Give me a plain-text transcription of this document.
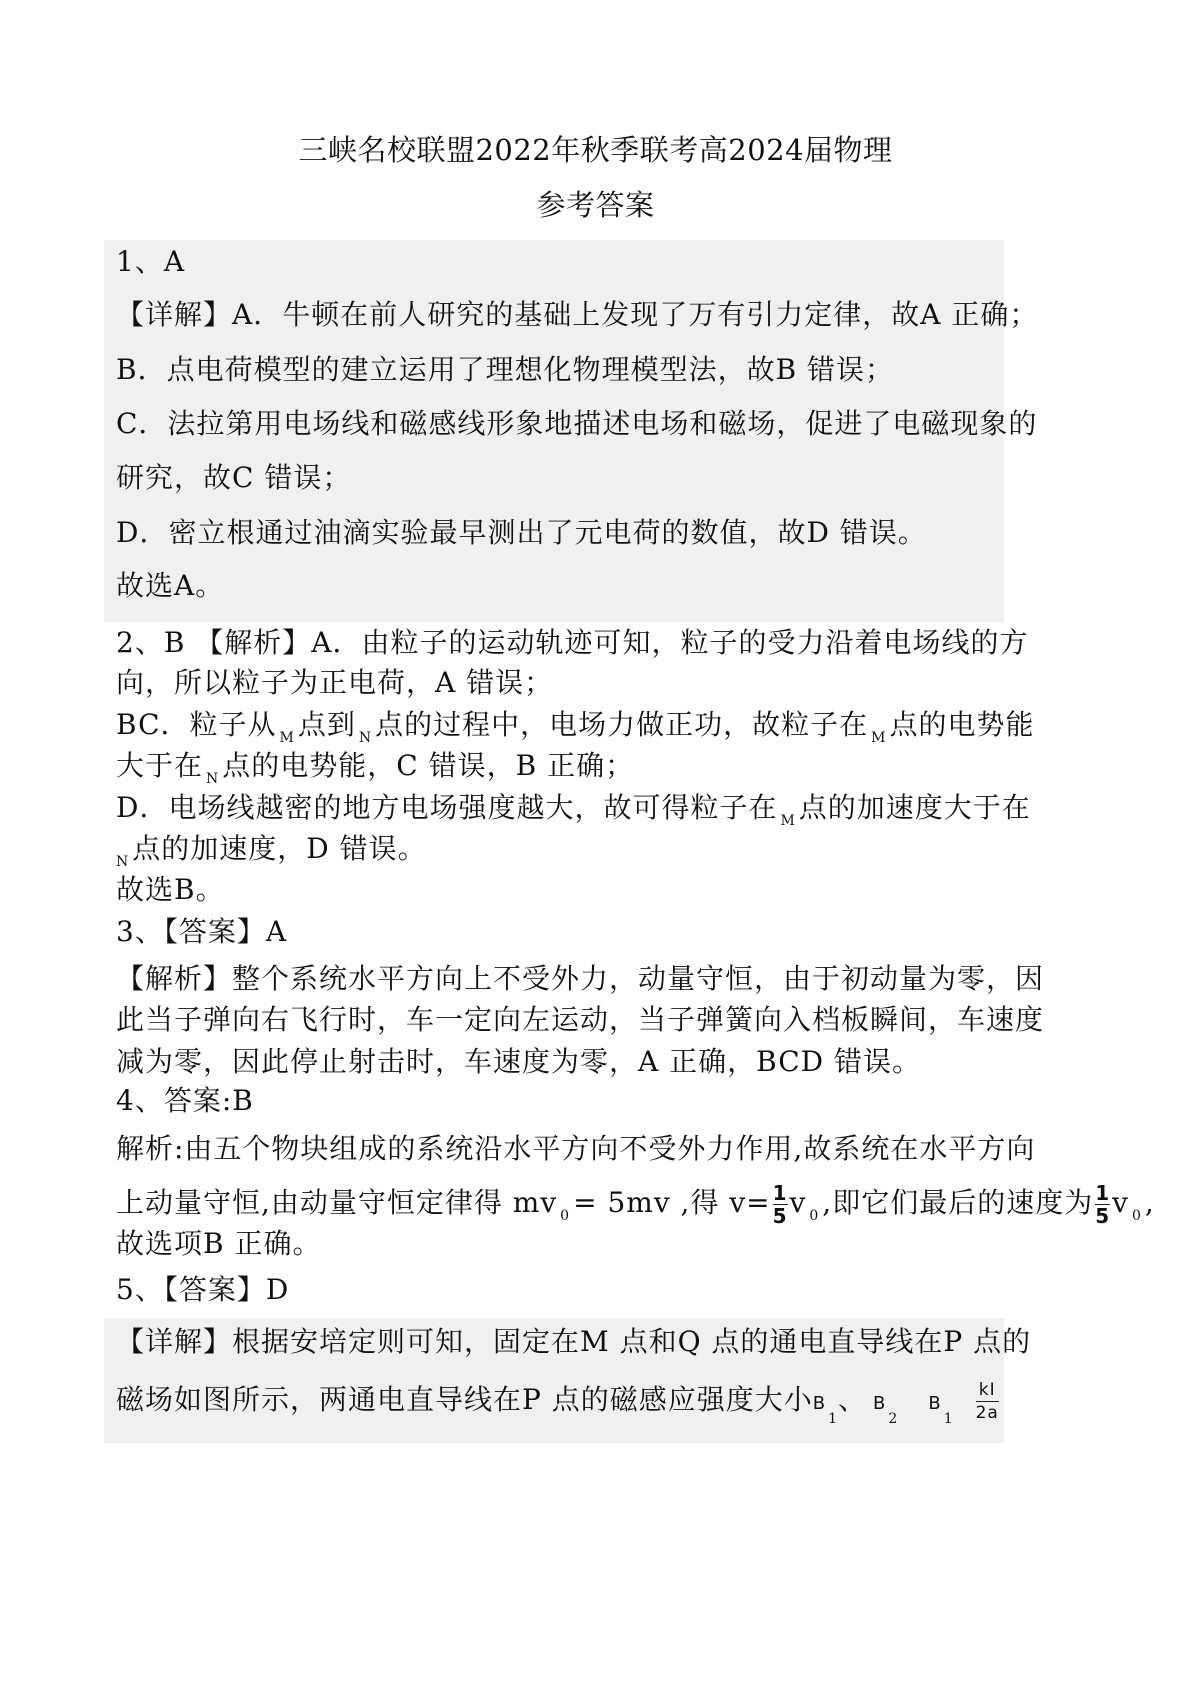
三峡名校联盟2022年秋季联考高2024届物理
参考答案
1、A
【详解】A．牛顿在前人研究的基础上发现了万有引力定律，故A 正确；
B．点电荷模型的建立运用了理想化物理模型法，故B 错误；
C．法拉第用电场线和磁感线形象地描述电场和磁场，促进了电磁现象的
研究，故C 错误；
D．密立根通过油滴实验最早测出了元电荷的数值，故D 错误。
故选A。
2、B 【解析】A．由粒子的运动轨迹可知，粒子的受力沿着电场线的方
向，所以粒子为正电荷，A 错误；
BC．粒子从 $_M$ 点到 $_N$ 点的过程中，电场力做正功，故粒子在 $_M$ 点的电势能
大于在 $_N$ 点的电势能，C 错误，B 正确；
D．电场线越密的地方电场强度越大，故可得粒子在 $_M$ 点的加速度大于在
$_N$ 点的加速度，D 错误。
故选B。
3、【答案】A
【解析】整个系统水平方向上不受外力，动量守恒，由于初动量为零，因
此当子弹向右飞行时，车一定向左运动，当子弹簧向入档板瞬间，车速度
减为零，因此停止射击时，车速度为零，A 正确，BCD 错误。
4、答案:B
解析:由五个物块组成的系统沿水平方向不受外力作用,故系统在水平方向
上动量守恒,由动量守恒定律得 mv $_0$ = 5mv ,得 $v= \frac{1}{5}$ v $_0$ ,即它们最后的速度为 $\frac{1}{5}$ v $_0$ ,
故选项B 正确。
5、【答案】D
【详解】根据安培定则可知，固定在M 点和Q 点的通电直导线在P 点的
磁场如图所示，两通电直导线在P 点的磁感应强度大小$B_1$、 $B_2B_1 \frac{kI}{2a}$
